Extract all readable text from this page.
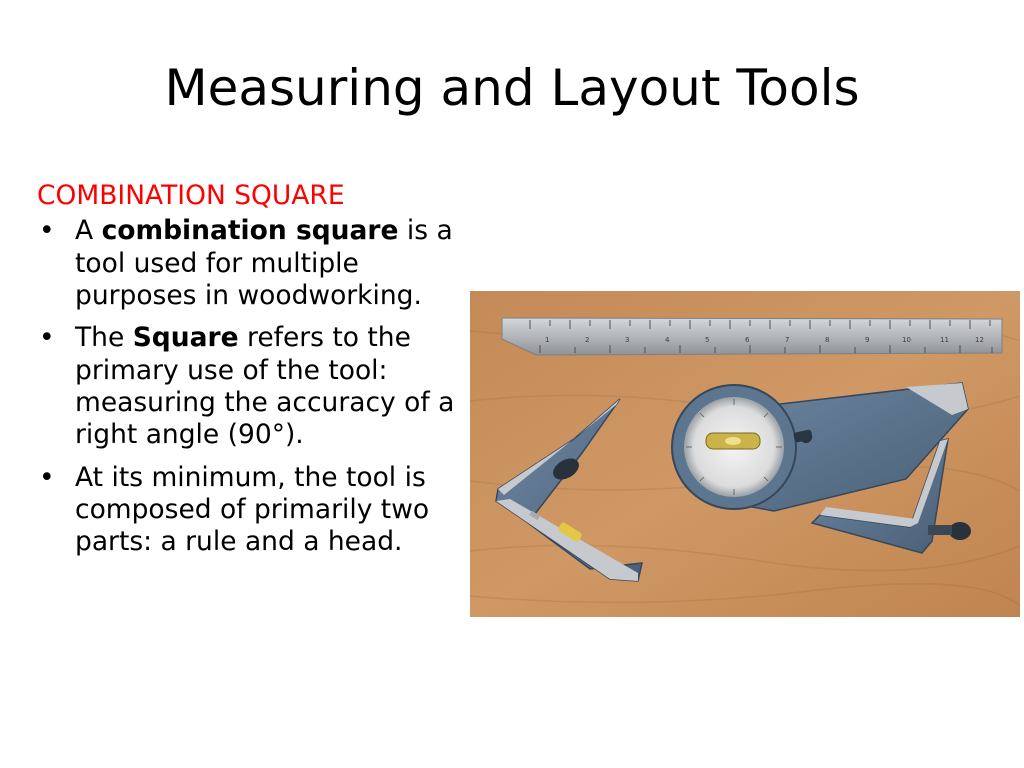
Measuring and Layout Tools
COMBINATION SQUARE
• A combination square is a tool used for multiple purposes in woodworking.
• The Square refers to the primary use of the tool: measuring the accuracy of a right angle (90°).
• At its minimum, the tool is composed of primarily two parts: a rule and a head.
1	2	3	4	5	6	7	8	9	10	11	12
